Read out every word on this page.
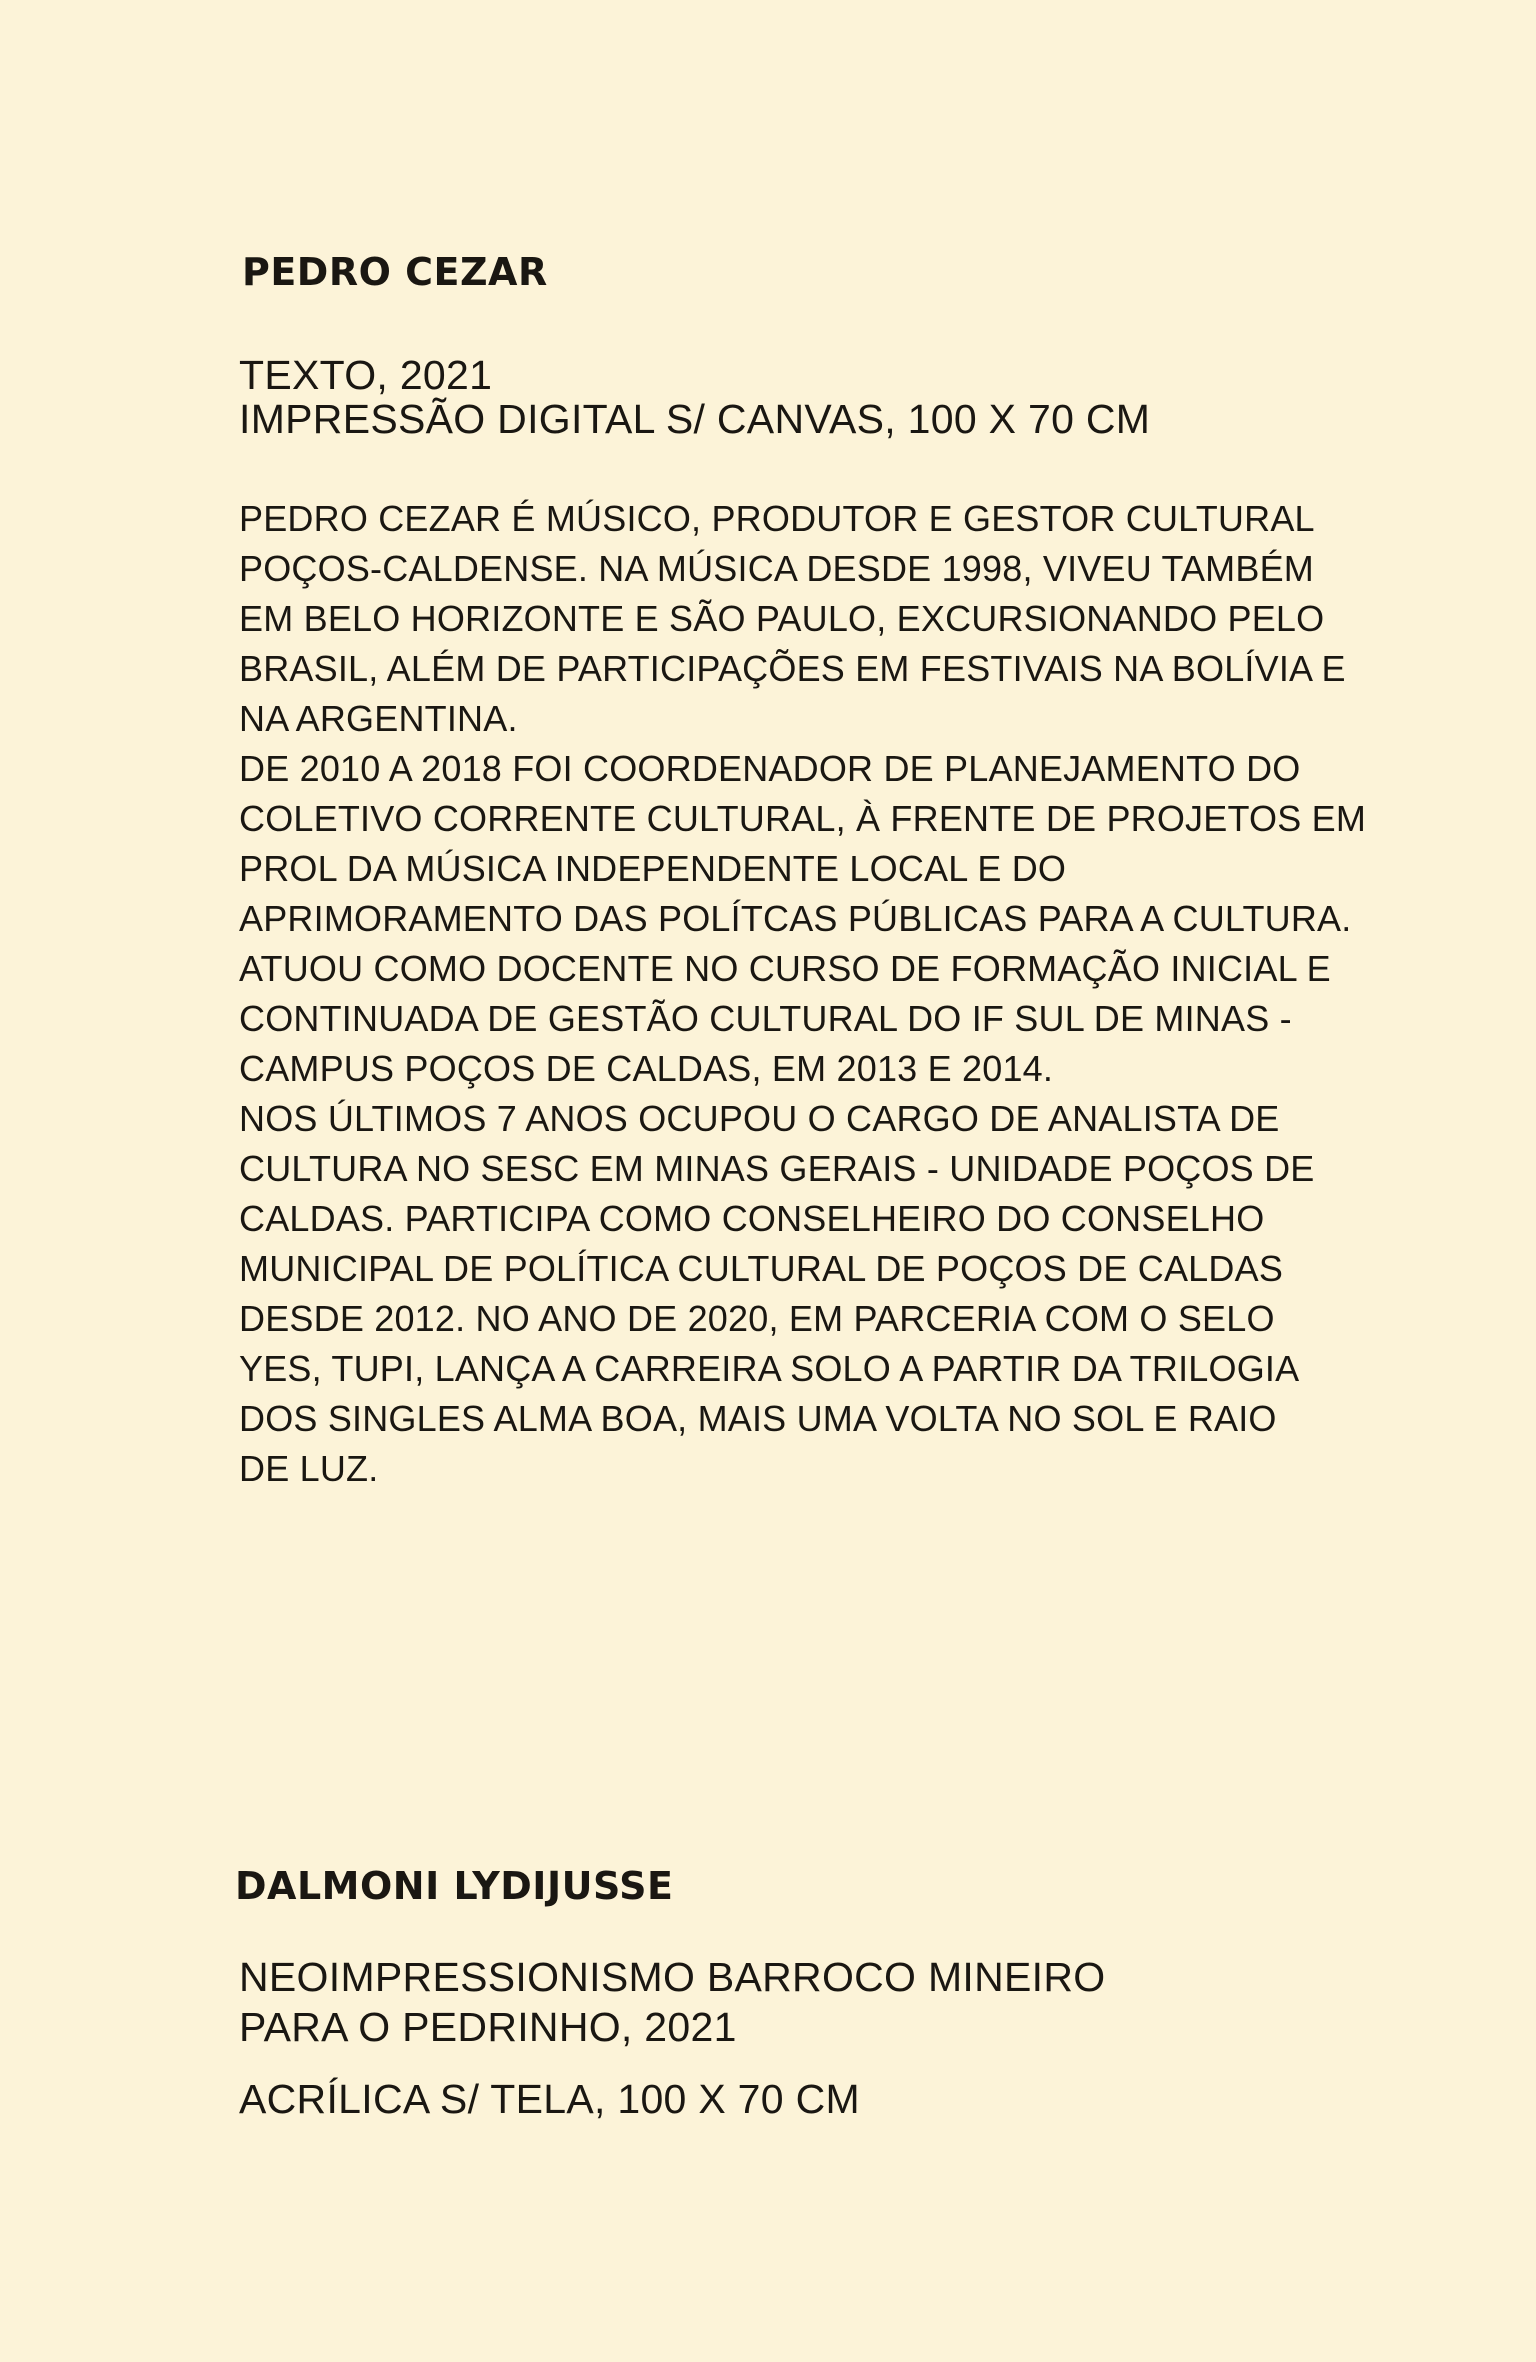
PEDRO CEZAR

TEXTO, 2021

IMPRESSÃO DIGITAL S/ CANVAS, 100 X 70 CM

PEDRO CEZAR É MÚSICO, PRODUTOR E GESTOR CULTURAL
POÇOS-CALDENSE. NA MÚSICA DESDE 1998, VIVEU TAMBÉM
EM BELO HORIZONTE E SÃO PAULO, EXCURSIONANDO PELO
BRASIL, ALÉM DE PARTICIPAÇÕES EM FESTIVAIS NA BOLÍVIA E
NA ARGENTINA.
DE 2010 A 2018 FOI COORDENADOR DE PLANEJAMENTO DO
COLETIVO CORRENTE CULTURAL, À FRENTE DE PROJETOS EM
PROL DA MÚSICA INDEPENDENTE LOCAL E DO
APRIMORAMENTO DAS POLÍTCAS PÚBLICAS PARA A CULTURA.
ATUOU COMO DOCENTE NO CURSO DE FORMAÇÃO INICIAL E
CONTINUADA DE GESTÃO CULTURAL DO IF SUL DE MINAS -
CAMPUS POÇOS DE CALDAS, EM 2013 E 2014.
NOS ÚLTIMOS 7 ANOS OCUPOU O CARGO DE ANALISTA DE
CULTURA NO SESC EM MINAS GERAIS - UNIDADE POÇOS DE
CALDAS. PARTICIPA COMO CONSELHEIRO DO CONSELHO
MUNICIPAL DE POLÍTICA CULTURAL DE POÇOS DE CALDAS
DESDE 2012. NO ANO DE 2020, EM PARCERIA COM O SELO
YES, TUPI, LANÇA A CARREIRA SOLO A PARTIR DA TRILOGIA
DOS SINGLES ALMA BOA, MAIS UMA VOLTA NO SOL E RAIO
DE LUZ.
DALMONI LYDIJUSSE

NEOIMPRESSIONISMO BARROCO MINEIRO

PARA O PEDRINHO, 2021

ACRÍLICA S/ TELA, 100 X 70 CM
